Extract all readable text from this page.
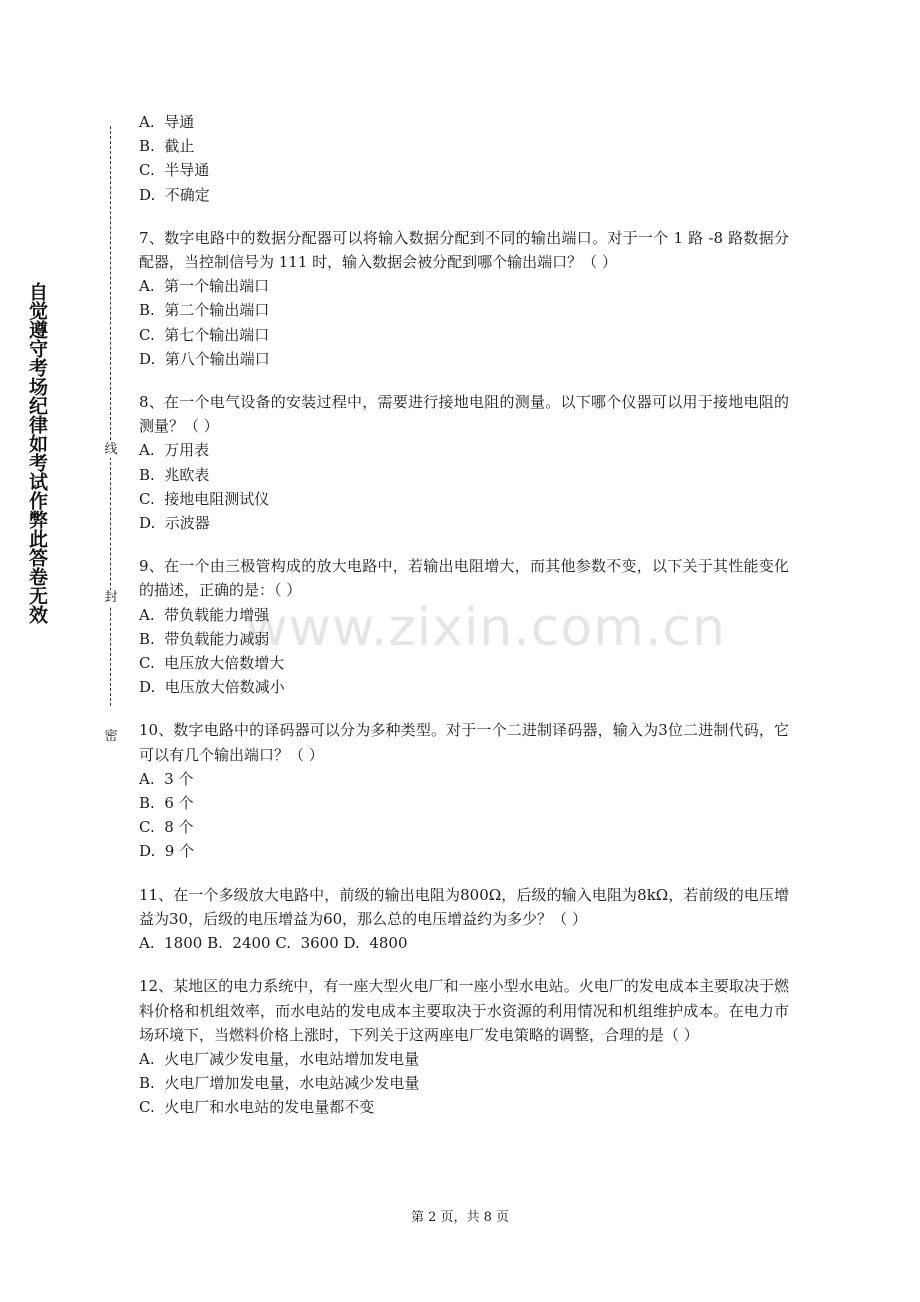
自觉遵守考场纪律如考试作弊此答卷无效	线
封
密
A.  导通
B.  截止
C.  半导通
D.  不确定
7、数字电路中的数据分配器可以将输入数据分配到不同的输出端口。对于一个 1 路 -8 路数据分配器，当控制信号为 111 时，输入数据会被分配到哪个输出端口？（ ）
A.  第一个输出端口
B.  第二个输出端口
C.  第七个输出端口
D.  第八个输出端口
8、在一个电气设备的安装过程中，需要进行接地电阻的测量。以下哪个仪器可以用于接地电阻的测量？（ ）
A.  万用表
B.  兆欧表
C.  接地电阻测试仪
D.  示波器
9、在一个由三极管构成的放大电路中，若输出电阻增大，而其他参数不变，以下关于其性能变化的描述，正确的是：（ ）
A.  带负载能力增强
B.  带负载能力减弱
C.  电压放大倍数增大
D.  电压放大倍数减小
10、数字电路中的译码器可以分为多种类型。对于一个二进制译码器，输入为3位二进制代码，它可以有几个输出端口？（ ）
A.  3 个
B.  6 个
C.  8 个
D.  9 个
11、在一个多级放大电路中，前级的输出电阻为800Ω，后级的输入电阻为8kΩ，若前级的电压增益为30，后级的电压增益为60，那么总的电压增益约为多少？（ ）
A.  1800 B.  2400 C.  3600 D.  4800
12、某地区的电力系统中，有一座大型火电厂和一座小型水电站。火电厂的发电成本主要取决于燃料价格和机组效率，而水电站的发电成本主要取决于水资源的利用情况和机组维护成本。在电力市场环境下，当燃料价格上涨时，下列关于这两座电厂发电策略的调整，合理的是（ ）
A.  火电厂减少发电量，水电站增加发电量
B.  火电厂增加发电量，水电站减少发电量
C.  火电厂和水电站的发电量都不变
www.zixin.com.cn
第 2 页，共 8 页
